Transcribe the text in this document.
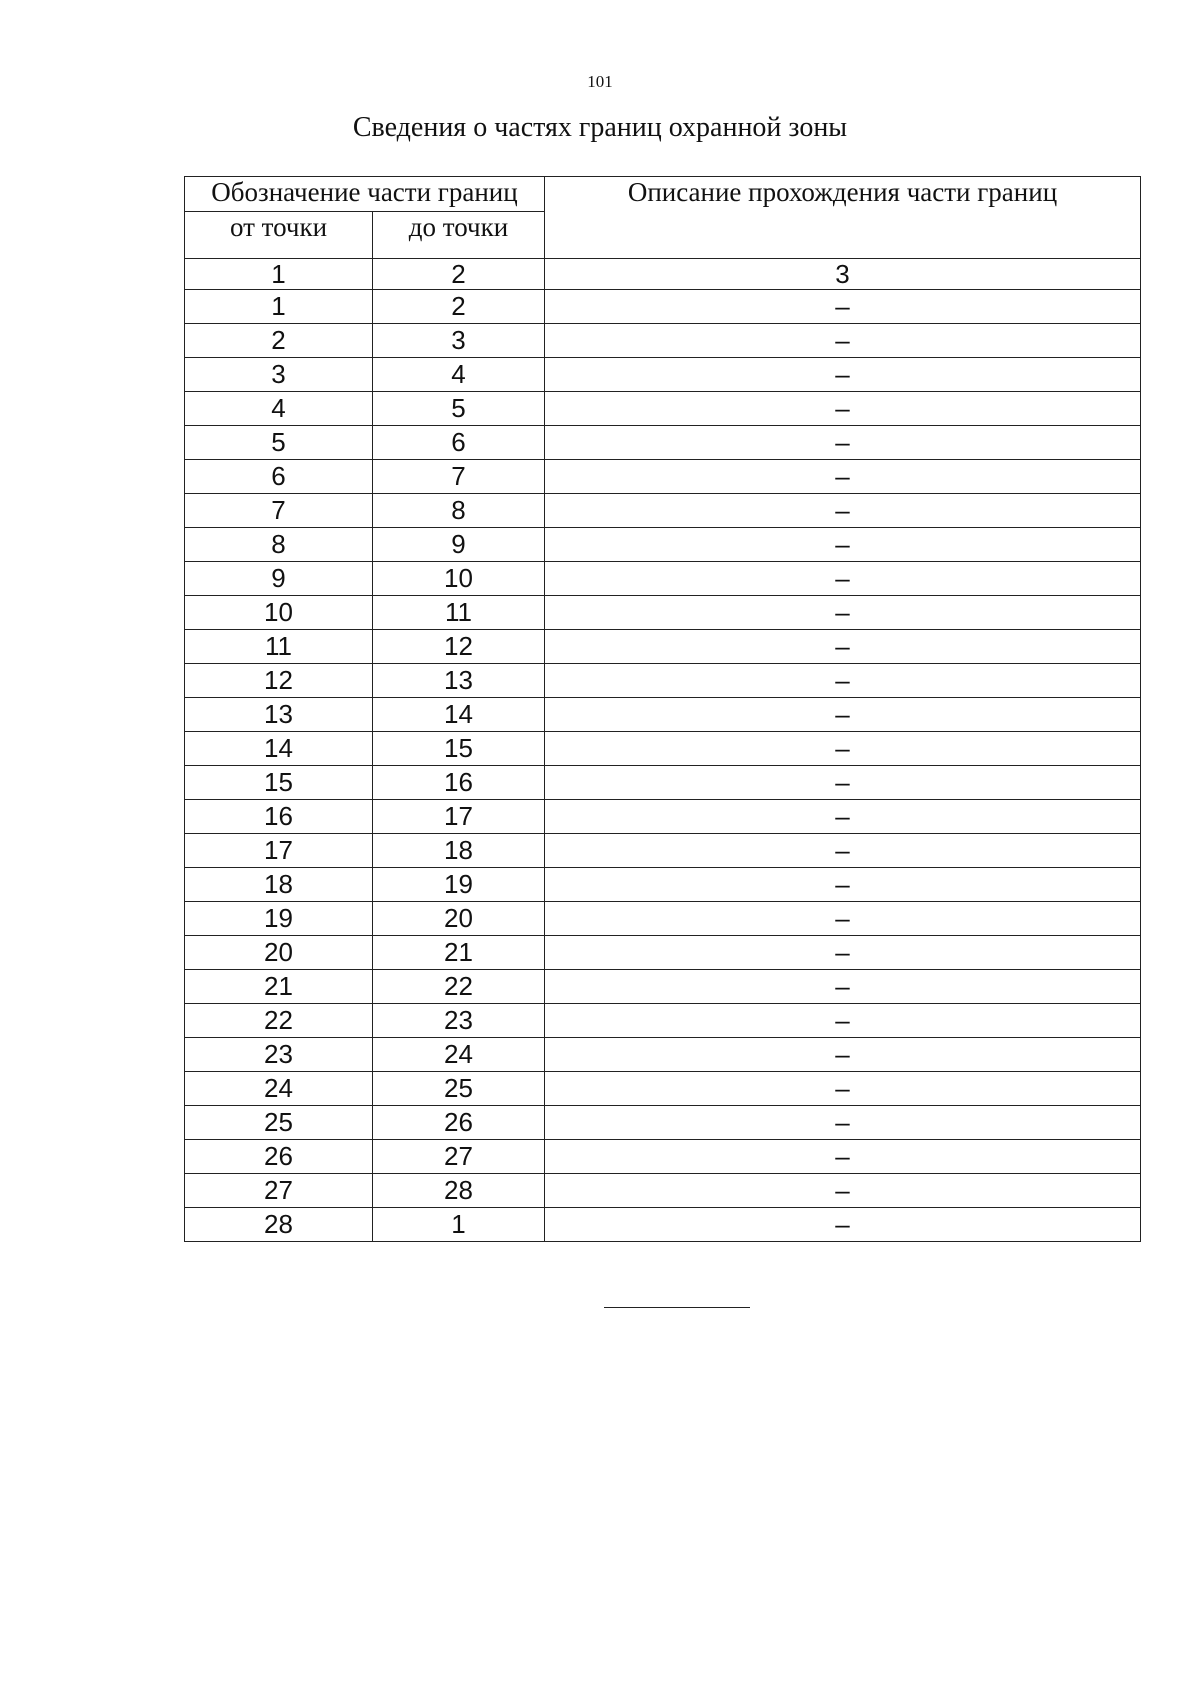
101
Сведения о частях границ охранной зоны
Обозначение части границ		Описание прохождения части границ
от точки	до точки	
1	2	3
1	2	–
2	3	–
3	4	–
4	5	–
5	6	–
6	7	–
7	8	–
8	9	–
9	10	–
10	11	–
11	12	–
12	13	–
13	14	–
14	15	–
15	16	–
16	17	–
17	18	–
18	19	–
19	20	–
20	21	–
21	22	–
22	23	–
23	24	–
24	25	–
25	26	–
26	27	–
27	28	–
28	1	–
